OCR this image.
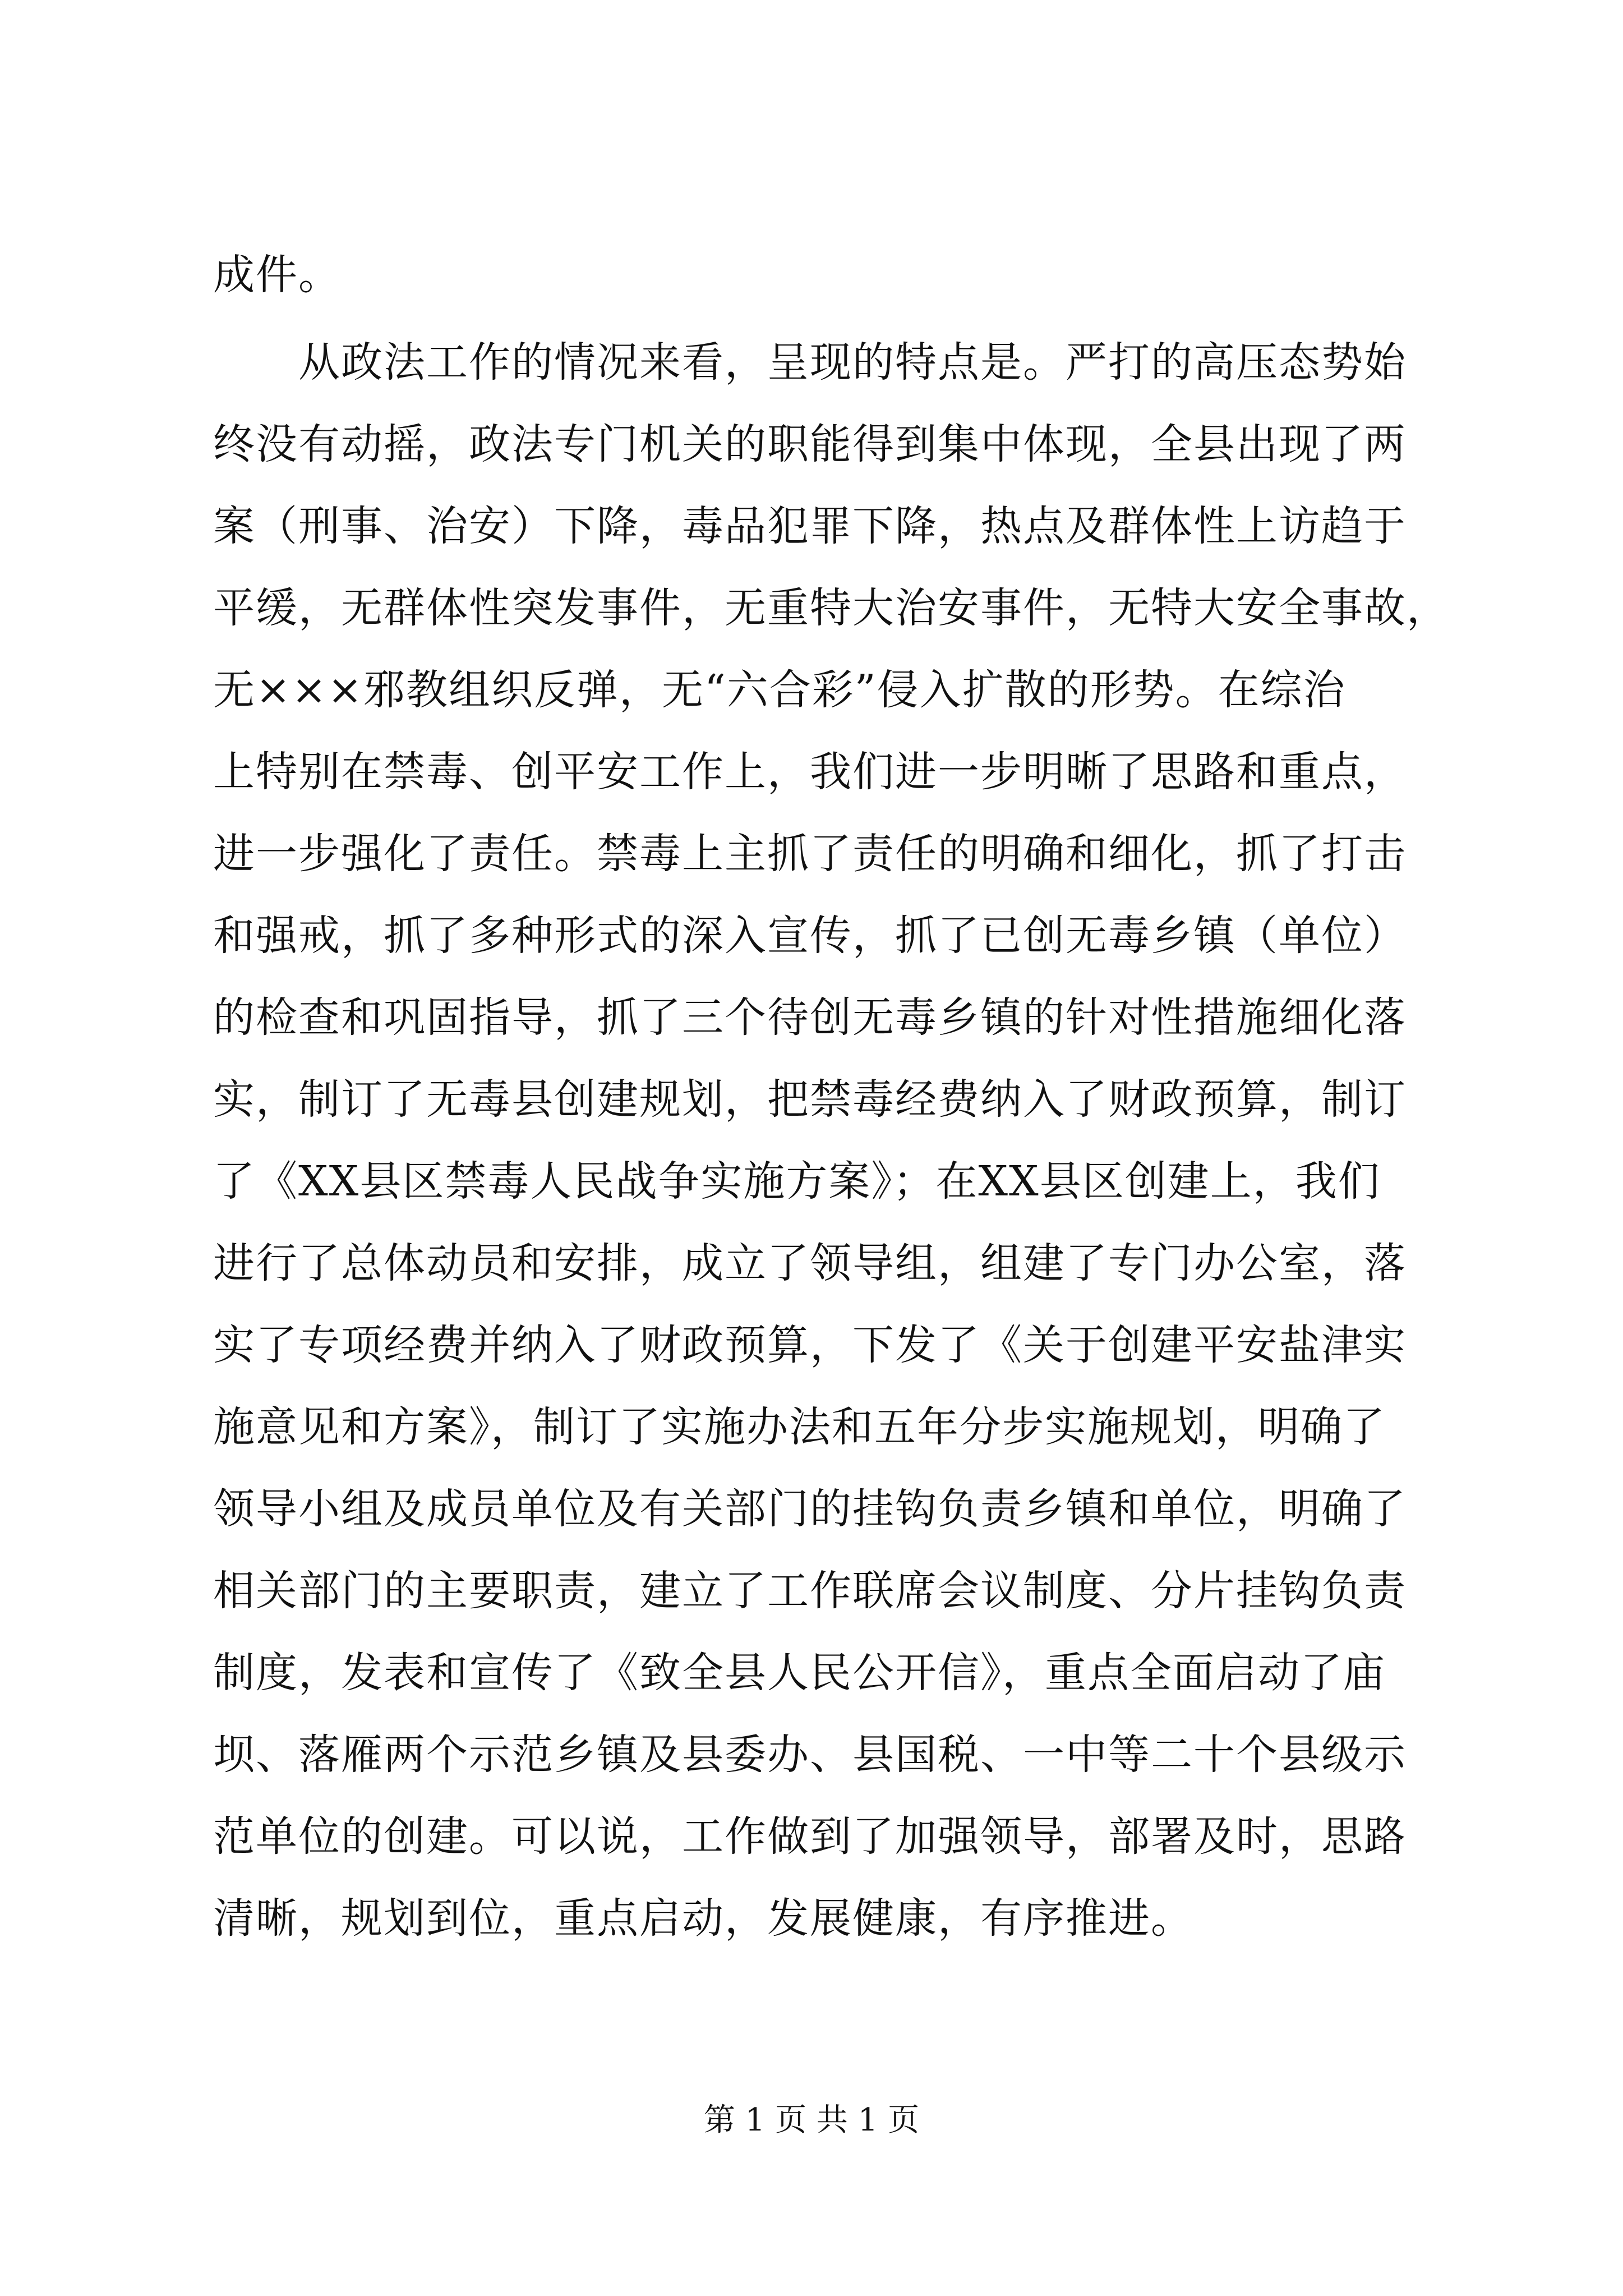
成件。
　　从政法工作的情况来看，呈现的特点是。严打的高压态势始
终没有动摇，政法专门机关的职能得到集中体现，全县出现了两
案（刑事、治安）下降，毒品犯罪下降，热点及群体性上访趋于
平缓，无群体性突发事件，无重特大治安事件，无特大安全事故，
无×××邪教组织反弹，无“六合彩”侵入扩散的形势。在综治
上特别在禁毒、创平安工作上，我们进一步明晰了思路和重点，
进一步强化了责任。禁毒上主抓了责任的明确和细化，抓了打击
和强戒，抓了多种形式的深入宣传，抓了已创无毒乡镇（单位）
的检查和巩固指导，抓了三个待创无毒乡镇的针对性措施细化落
实，制订了无毒县创建规划，把禁毒经费纳入了财政预算，制订
了《XX县区禁毒人民战争实施方案》；在XX县区创建上，我们
进行了总体动员和安排，成立了领导组，组建了专门办公室，落
实了专项经费并纳入了财政预算，下发了《关于创建平安盐津实
施意见和方案》，制订了实施办法和五年分步实施规划，明确了
领导小组及成员单位及有关部门的挂钩负责乡镇和单位，明确了
相关部门的主要职责，建立了工作联席会议制度、分片挂钩负责
制度，发表和宣传了《致全县人民公开信》，重点全面启动了庙
坝、落雁两个示范乡镇及县委办、县国税、一中等二十个县级示
范单位的创建。可以说，工作做到了加强领导，部署及时，思路
清晰，规划到位，重点启动，发展健康，有序推进。
第 1 页 共 1 页
